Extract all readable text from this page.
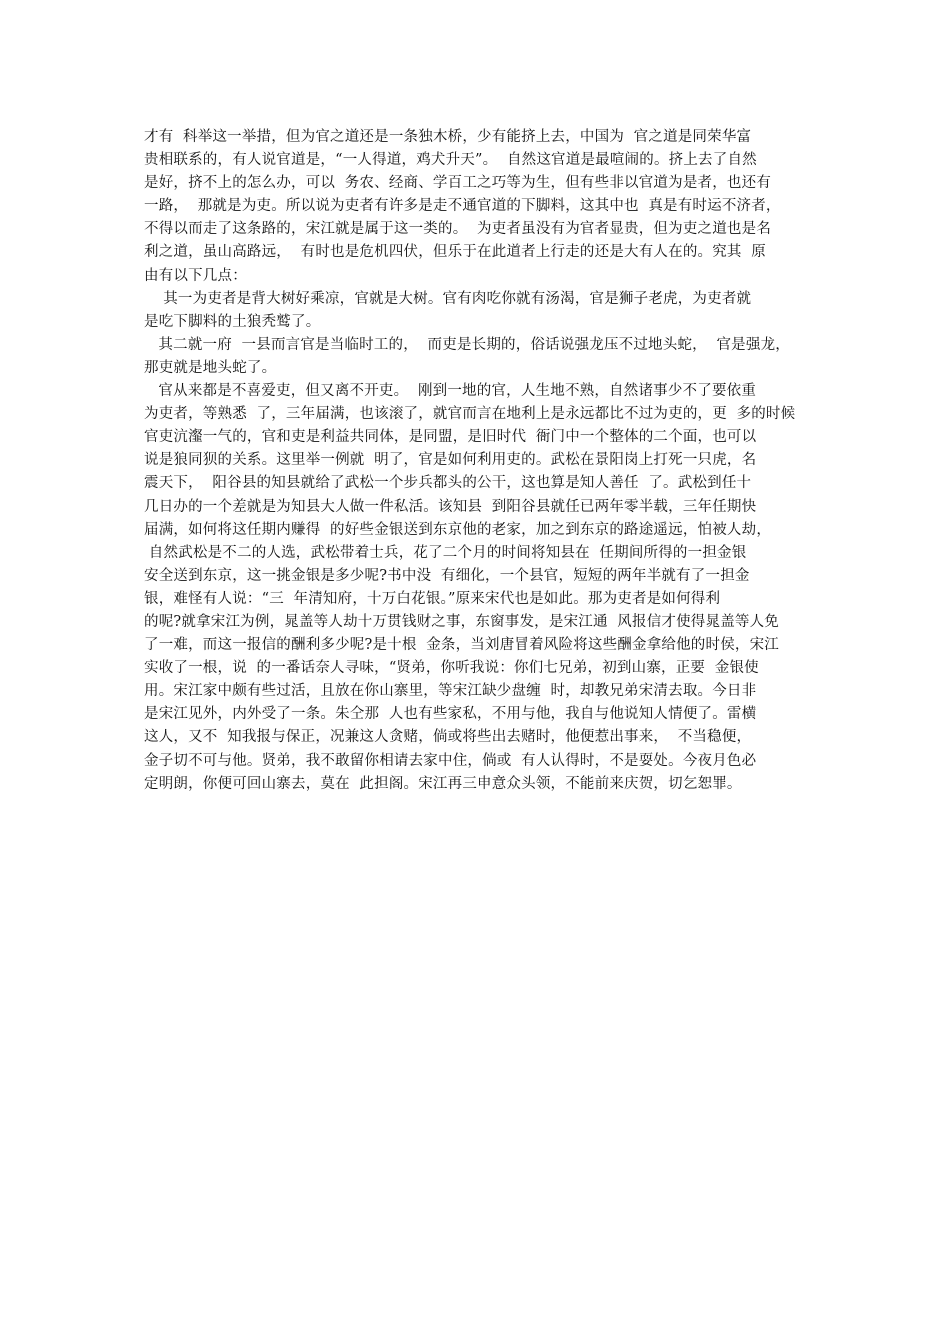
才有  科举这一举措，但为官之道还是一条独木桥，少有能挤上去，中国为  官之道是同荣华富
贵相联系的，有人说官道是，“一人得道，鸡犬升天”。  自然这官道是最喧闹的。挤上去了自然
是好，挤不上的怎么办，可以  务农、经商、学百工之巧等为生，但有些非以官道为是者，也还有
一路，  那就是为吏。所以说为吏者有许多是走不通官道的下脚料，这其中也  真是有时运不济者，
不得以而走了这条路的，宋江就是属于这一类的。  为吏者虽没有为官者显贵，但为吏之道也是名
利之道，虽山高路远，  有时也是危机四伏，但乐于在此道者上行走的还是大有人在的。究其  原
由有以下几点：
其一为吏者是背大树好乘凉，官就是大树。官有肉吃你就有汤渴，官是狮子老虎，为吏者就
是吃下脚料的土狼秃鹫了。
其二就一府  一县而言官是当临时工的，  而吏是长期的，俗话说强龙压不过地头蛇，  官是强龙，
那吏就是地头蛇了。
官从来都是不喜爱吏，但又离不开吏。  刚到一地的官，人生地不熟，自然诸事少不了要依重
为吏者，等熟悉  了，三年届满，也该滚了，就官而言在地利上是永远都比不过为吏的，更  多的时候
官吏沆瀣一气的，官和吏是利益共同体，是同盟，是旧时代  衙门中一个整体的二个面，也可以
说是狼同狈的关系。这里举一例就  明了，官是如何利用吏的。武松在景阳岗上打死一只虎，名
震天下，  阳谷县的知县就给了武松一个步兵都头的公干，这也算是知人善任  了。武松到任十
几日办的一个差就是为知县大人做一件私活。该知县  到阳谷县就任已两年零半载，三年任期快
届满，如何将这任期内赚得  的好些金银送到东京他的老家，加之到东京的路途遥远，怕被人劫，
自然武松是不二的人选，武松带着士兵，花了二个月的时间将知县在  任期间所得的一担金银
安全送到东京，这一挑金银是多少呢?书中没  有细化，一个县官，短短的两年半就有了一担金
银，难怪有人说：“三  年清知府，十万白花银。”原来宋代也是如此。那为吏者是如何得利
的呢?就拿宋江为例，晁盖等人劫十万贯钱财之事，东窗事发，是宋江通  风报信才使得晁盖等人免
了一难，而这一报信的酬利多少呢?是十根  金条，当刘唐冒着风险将这些酬金拿给他的时侯，宋江
实收了一根，说  的一番话奈人寻味，“贤弟，你听我说：你们七兄弟，初到山寨，正要  金银使
用。宋江家中颇有些过活，且放在你山寨里，等宋江缺少盘缠  时，却教兄弟宋清去取。今日非
是宋江见外，内外受了一条。朱仝那  人也有些家私，不用与他，我自与他说知人情便了。雷横
这人，又不  知我报与保正，况兼这人贪赌，倘或将些出去赌时，他便惹出事来，  不当稳便，
金子切不可与他。贤弟，我不敢留你相请去家中住，倘或  有人认得时，不是耍处。今夜月色必
定明朗，你便可回山寨去，莫在  此担阁。宋江再三申意众头领，不能前来庆贺，切乞恕罪。
